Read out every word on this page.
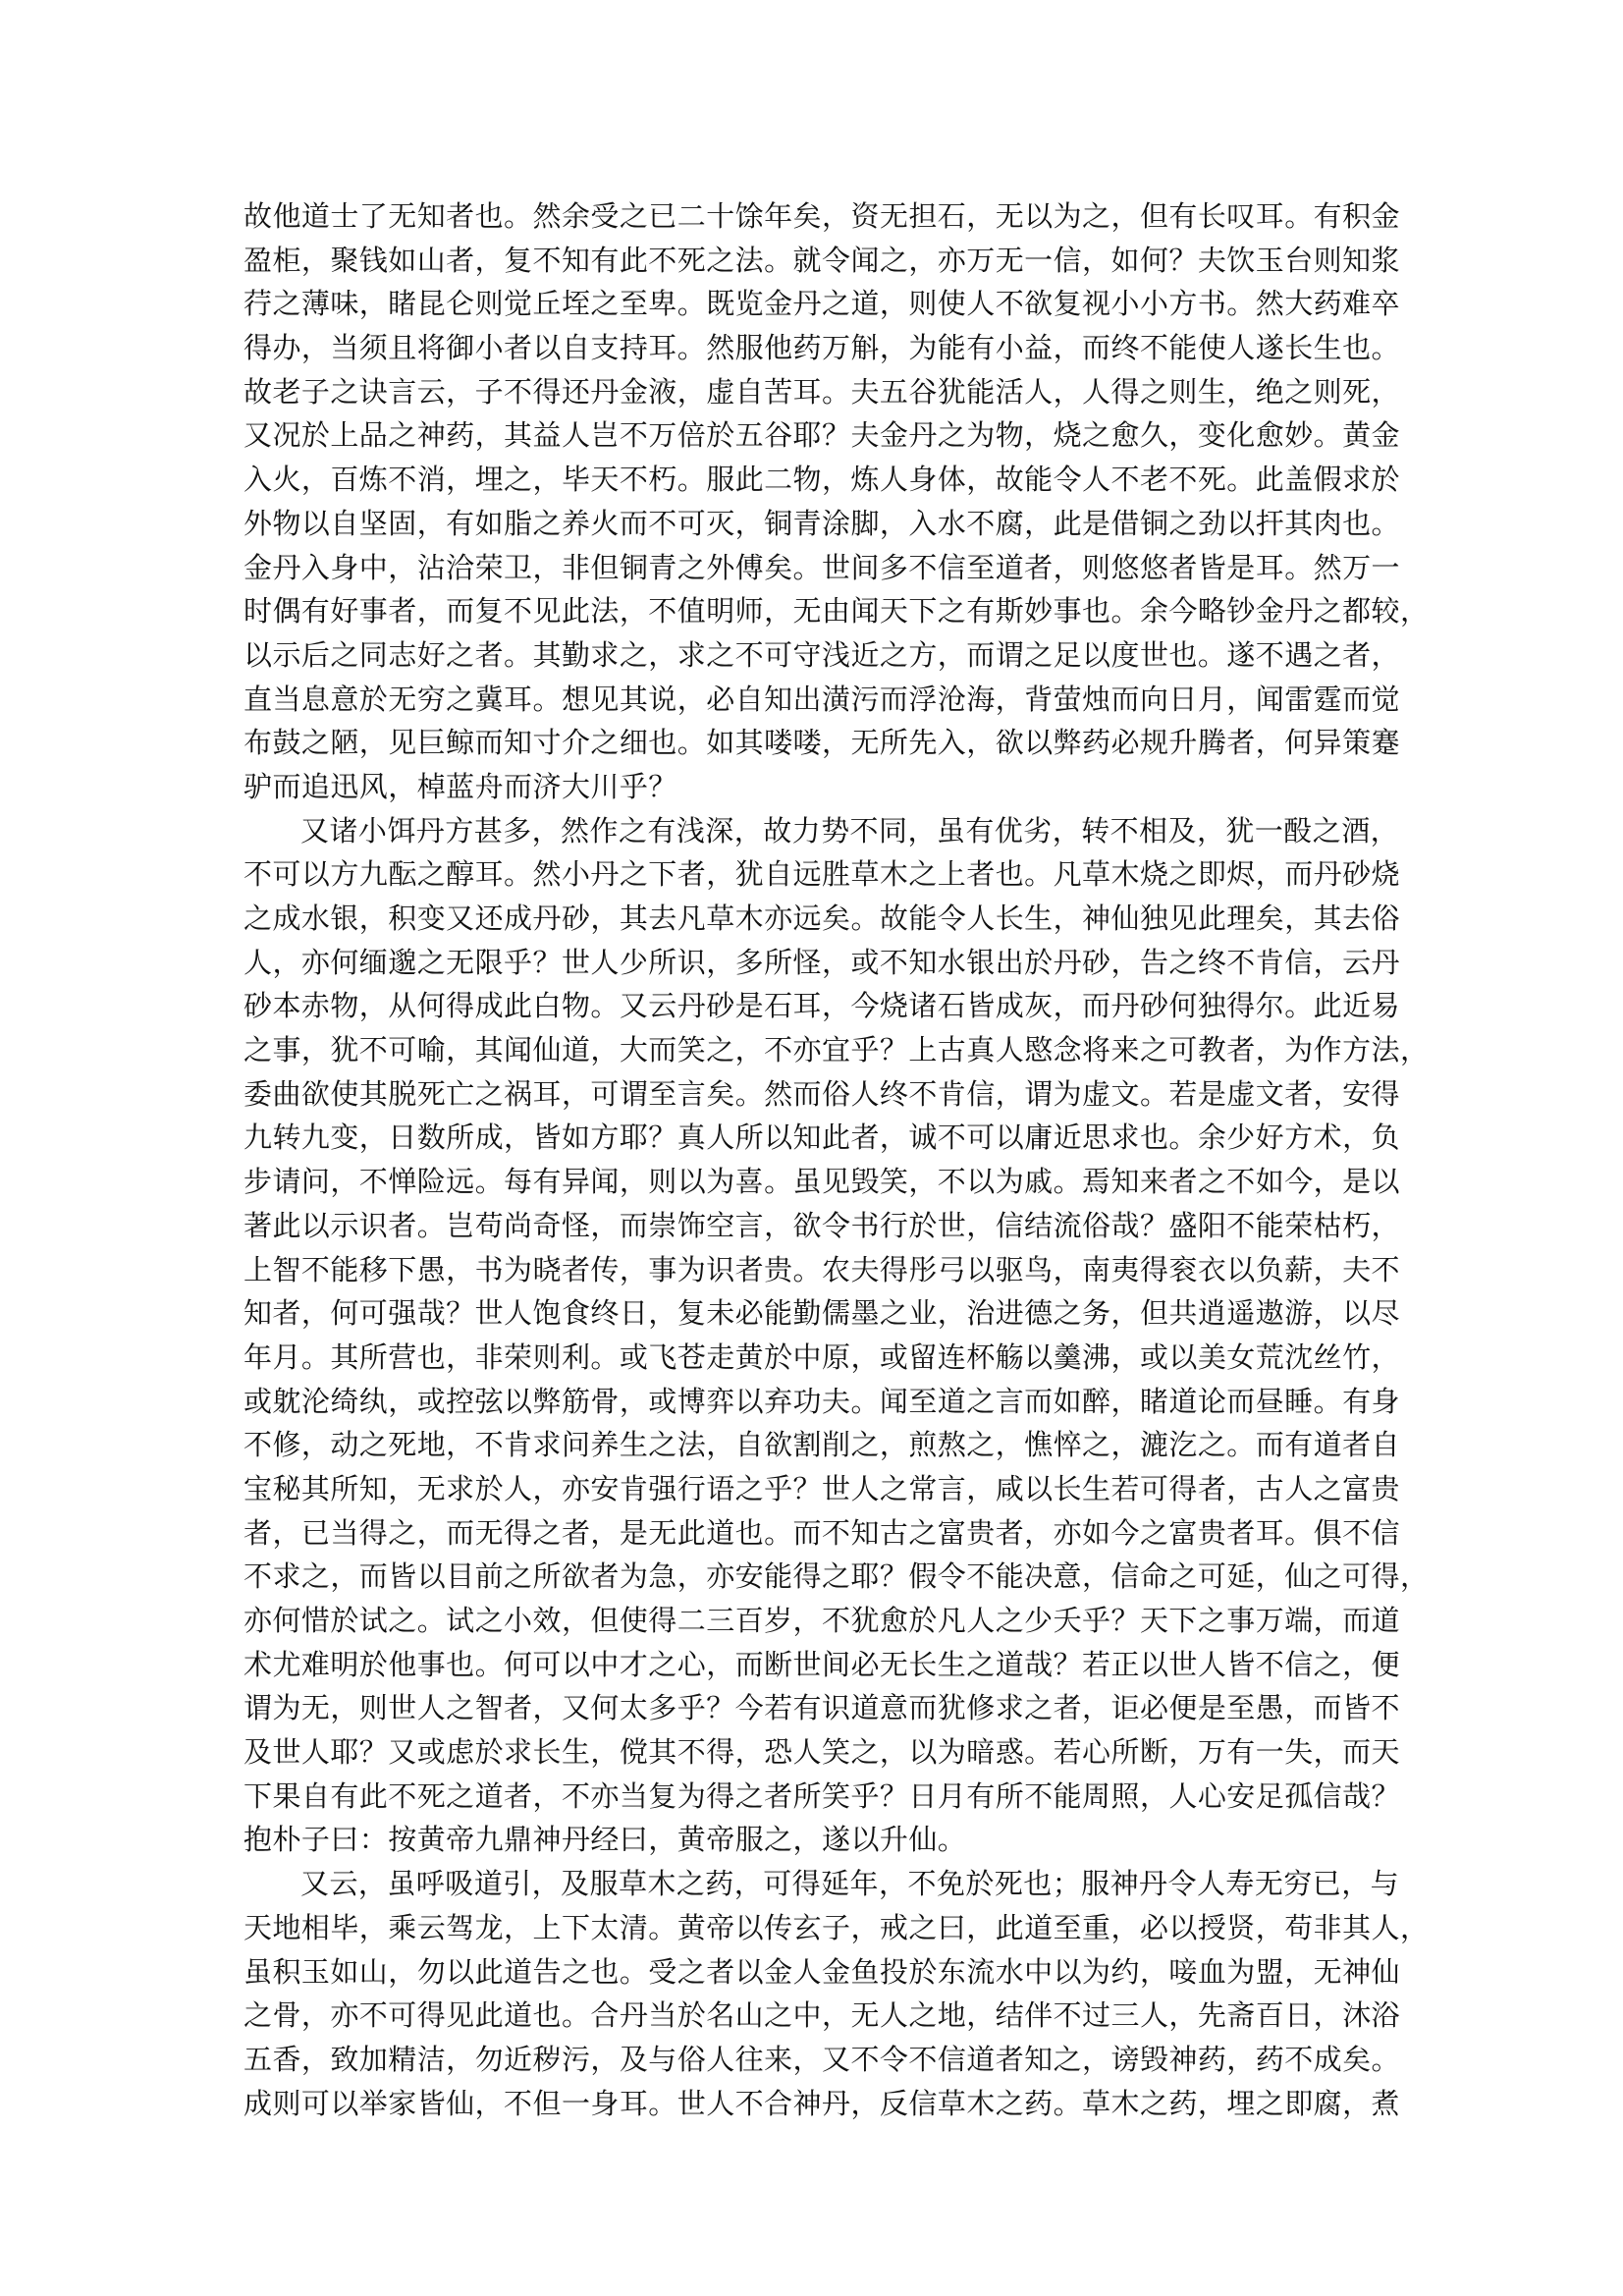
故他道士了无知者也。然余受之已二十馀年矣，资无担石，无以为之，但有长叹耳。有积金
盈柜，聚钱如山者，复不知有此不死之法。就令闻之，亦万无一信，如何？夫饮玉台则知浆
荇之薄味，睹昆仑则觉丘垤之至卑。既览金丹之道，则使人不欲复视小小方书。然大药难卒
得办，当须且将御小者以自支持耳。然服他药万斛，为能有小益，而终不能使人遂长生也。
故老子之诀言云，子不得还丹金液，虚自苦耳。夫五谷犹能活人，人得之则生，绝之则死，
又况於上品之神药，其益人岂不万倍於五谷耶？夫金丹之为物，烧之愈久，变化愈妙。黄金
入火，百炼不消，埋之，毕天不朽。服此二物，炼人身体，故能令人不老不死。此盖假求於
外物以自坚固，有如脂之养火而不可灭，铜青涂脚，入水不腐，此是借铜之劲以扞其肉也。
金丹入身中，沾洽荣卫，非但铜青之外傅矣。世间多不信至道者，则悠悠者皆是耳。然万一
时偶有好事者，而复不见此法，不值明师，无由闻天下之有斯妙事也。余今略钞金丹之都较，
以示后之同志好之者。其勤求之，求之不可守浅近之方，而谓之足以度世也。遂不遇之者，
直当息意於无穷之冀耳。想见其说，必自知出潢污而浮沧海，背萤烛而向日月，闻雷霆而觉
布鼓之陋，见巨鲸而知寸介之细也。如其喽喽，无所先入，欲以弊药必规升腾者，何异策蹇
驴而追迅风，棹蓝舟而济大川乎？
又诸小饵丹方甚多，然作之有浅深，故力势不同，虽有优劣，转不相及，犹一酘之酒，
不可以方九酝之醇耳。然小丹之下者，犹自远胜草木之上者也。凡草木烧之即烬，而丹砂烧
之成水银，积变又还成丹砂，其去凡草木亦远矣。故能令人长生，神仙独见此理矣，其去俗
人，亦何缅邈之无限乎？世人少所识，多所怪，或不知水银出於丹砂，告之终不肯信，云丹
砂本赤物，从何得成此白物。又云丹砂是石耳，今烧诸石皆成灰，而丹砂何独得尔。此近易
之事，犹不可喻，其闻仙道，大而笑之，不亦宜乎？上古真人愍念将来之可教者，为作方法，
委曲欲使其脱死亡之祸耳，可谓至言矣。然而俗人终不肯信，谓为虚文。若是虚文者，安得
九转九变，日数所成，皆如方耶？真人所以知此者，诚不可以庸近思求也。余少好方术，负
步请问，不惮险远。每有异闻，则以为喜。虽见毁笑，不以为戚。焉知来者之不如今，是以
著此以示识者。岂苟尚奇怪，而崇饰空言，欲令书行於世，信结流俗哉？盛阳不能荣枯朽，
上智不能移下愚，书为晓者传，事为识者贵。农夫得彤弓以驱鸟，南夷得衮衣以负薪，夫不
知者，何可强哉？世人饱食终日，复未必能勤儒墨之业，治进德之务，但共逍遥遨游，以尽
年月。其所营也，非荣则利。或飞苍走黄於中原，或留连杯觞以羹沸，或以美女荒沈丝竹，
或躭沦绮纨，或控弦以弊筋骨，或博弈以弃功夫。闻至道之言而如醉，睹道论而昼睡。有身
不修，动之死地，不肯求问养生之法，自欲割削之，煎熬之，憔悴之，漉汔之。而有道者自
宝秘其所知，无求於人，亦安肯强行语之乎？世人之常言，咸以长生若可得者，古人之富贵
者，已当得之，而无得之者，是无此道也。而不知古之富贵者，亦如今之富贵者耳。俱不信
不求之，而皆以目前之所欲者为急，亦安能得之耶？假令不能决意，信命之可延，仙之可得，
亦何惜於试之。试之小效，但使得二三百岁，不犹愈於凡人之少夭乎？天下之事万端，而道
术尤难明於他事也。何可以中才之心，而断世间必无长生之道哉？若正以世人皆不信之，便
谓为无，则世人之智者，又何太多乎？今若有识道意而犹修求之者，讵必便是至愚，而皆不
及世人耶？又或虑於求长生，傥其不得，恐人笑之，以为暗惑。若心所断，万有一失，而天
下果自有此不死之道者，不亦当复为得之者所笑乎？日月有所不能周照，人心安足孤信哉？
抱朴子曰：按黄帝九鼎神丹经曰，黄帝服之，遂以升仙。
又云，虽呼吸道引，及服草木之药，可得延年，不免於死也；服神丹令人寿无穷已，与
天地相毕，乘云驾龙，上下太清。黄帝以传玄子，戒之曰，此道至重，必以授贤，苟非其人，
虽积玉如山，勿以此道告之也。受之者以金人金鱼投於东流水中以为约，唼血为盟，无神仙
之骨，亦不可得见此道也。合丹当於名山之中，无人之地，结伴不过三人，先斋百日，沐浴
五香，致加精洁，勿近秽污，及与俗人往来，又不令不信道者知之，谤毁神药，药不成矣。
成则可以举家皆仙，不但一身耳。世人不合神丹，反信草木之药。草木之药，埋之即腐，煮
